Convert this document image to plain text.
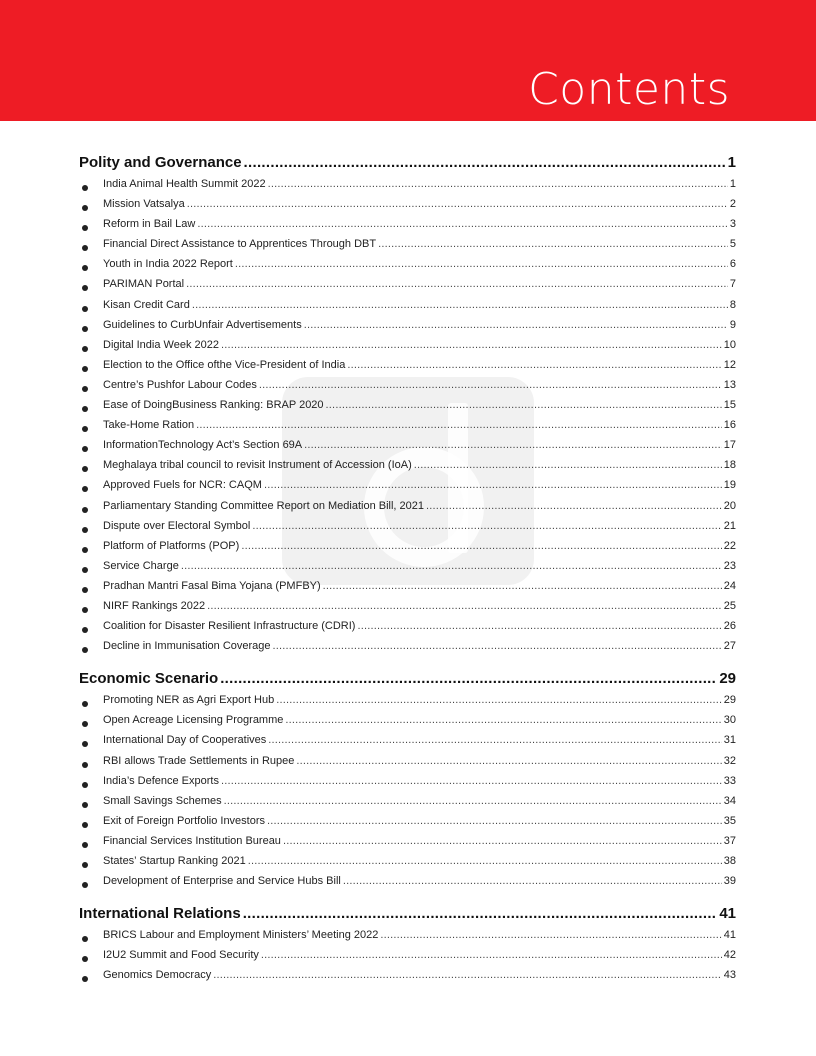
Contents
Polity and Governance .....	1
India Animal Health Summit 2022 .....	1
Mission Vatsalya .....	2
Reform in Bail Law .....	3
Financial Direct Assistance to Apprentices Through DBT .....	5
Youth in India 2022 Report .....	6
PARIMAN Portal .....	7
Kisan Credit Card .....	8
Guidelines to CurbUnfair Advertisements .....	9
Digital India Week 2022 .....	10
Election to the Office ofthe Vice-President of India .....	12
Centre’s Pushfor Labour Codes .....	13
Ease of DoingBusiness Ranking: BRAP 2020 .....	15
Take-Home Ration .....	16
InformationTechnology Act’s Section 69A .....	17
Meghalaya tribal council to revisit Instrument of Accession (IoA) .....	18
Approved Fuels for NCR: CAQM .....	19
Parliamentary Standing Committee Report on Mediation Bill, 2021 .....	20
Dispute over Electoral Symbol .....	21
Platform of Platforms (POP) .....	22
Service Charge .....	23
Pradhan Mantri Fasal Bima Yojana (PMFBY) .....	24
NIRF Rankings 2022 .....	25
Coalition for Disaster Resilient Infrastructure (CDRI) .....	26
Decline in Immunisation Coverage .....	27
Economic Scenario .....	29
Promoting NER as Agri Export Hub .....	29
Open Acreage Licensing Programme .....	30
International Day of Cooperatives .....	31
RBI allows Trade Settlements in Rupee .....	32
India’s Defence Exports .....	33
Small Savings Schemes .....	34
Exit of Foreign Portfolio Investors .....	35
Financial Services Institution Bureau .....	37
States’ Startup Ranking 2021 .....	38
Development of Enterprise and Service Hubs Bill .....	39
International Relations .....	41
BRICS Labour and Employment Ministers’ Meeting 2022 .....	41
I2U2 Summit and Food Security .....	42
Genomics Democracy .....	43
